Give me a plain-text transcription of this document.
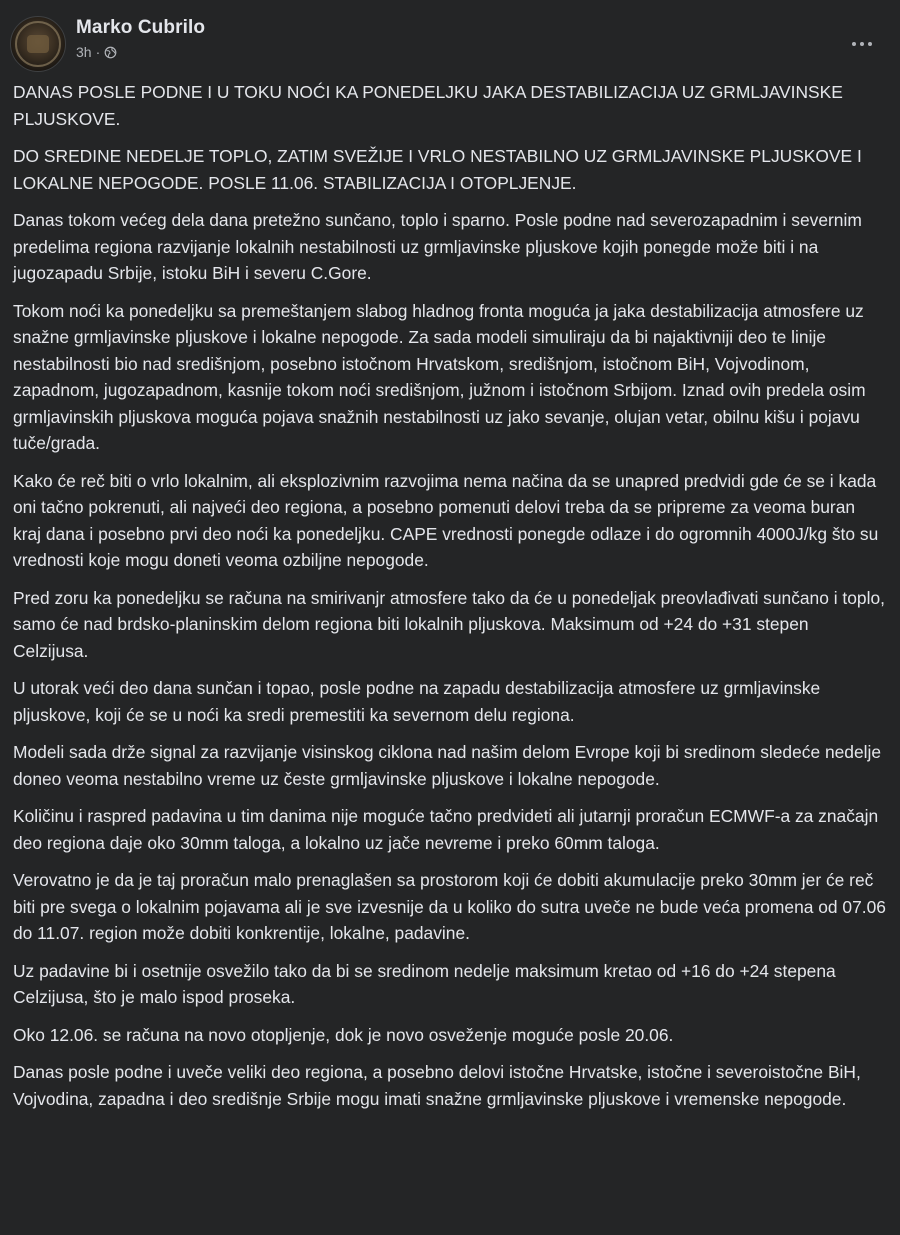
Marko Cubrilo
3h ·

DANAS POSLE PODNE I U TOKU NOĆI KA PONEDELJKU JAKA DESTABILIZACIJA UZ GRMLJAVINSKE PLJUSKOVE.

DO SREDINE NEDELJE TOPLO, ZATIM SVEŽIJE I VRLO NESTABILNO UZ GRMLJAVINSKE PLJUSKOVE I LOKALNE NEPOGODE. POSLE 11.06. STABILIZACIJA I OTOPLJENJE.

Danas tokom većeg dela dana pretežno sunčano, toplo i sparno. Posle podne nad severozapadnim i severnim predelima regiona razvijanje lokalnih nestabilnosti uz grmljavinske pljuskove kojih ponegde može biti i na jugozapadu Srbije, istoku BiH i severu C.Gore.

Tokom noći ka ponedeljku sa premeštanjem slabog hladnog fronta moguća ja jaka destabilizacija atmosfere uz snažne grmljavinske pljuskove i lokalne nepogode. Za sada modeli simuliraju da bi najaktivniji deo te linije nestabilnosti bio nad središnjom, posebno istočnom Hrvatskom, središnjom, istočnom BiH, Vojvodinom, zapadnom, jugozapadnom, kasnije tokom noći središnjom, južnom i istočnom Srbijom. Iznad ovih predela osim grmljavinskih pljuskova moguća pojava snažnih nestabilnosti uz jako sevanje, olujan vetar, obilnu kišu i pojavu tuče/grada.

Kako će reč biti o vrlo lokalnim, ali eksplozivnim razvojima nema načina da se unapred predvidi gde će se i kada oni tačno pokrenuti, ali najveći deo regiona, a posebno pomenuti delovi treba da se pripreme za veoma buran kraj dana i posebno prvi deo noći ka ponedeljku. CAPE vrednosti ponegde odlaze i do ogromnih 4000J/kg što su vrednosti koje mogu doneti veoma ozbiljne nepogode.

Pred zoru ka ponedeljku se računa na smirivanjr atmosfere tako da će u ponedeljak preovlađivati sunčano i toplo, samo će nad brdsko-planinskim delom regiona biti lokalnih pljuskova. Maksimum od +24 do +31 stepen Celzijusa.

U utorak veći deo dana sunčan i topao, posle podne na zapadu destabilizacija atmosfere uz grmljavinske pljuskove, koji će se u noći ka sredi premestiti ka severnom delu regiona.

Modeli sada drže signal za razvijanje visinskog ciklona nad našim delom Evrope koji bi sredinom sledeće nedelje doneo veoma nestabilno vreme uz česte grmljavinske pljuskove i lokalne nepogode.

Količinu i raspred padavina u tim danima nije moguće tačno predvideti ali jutarnji proračun ECMWF-a za značajn deo regiona daje oko 30mm taloga, a lokalno uz jače nevreme i preko 60mm taloga.

Verovatno je da je taj proračun malo prenaglašen sa prostorom koji će dobiti akumulacije preko 30mm jer će reč biti pre svega o lokalnim pojavama ali je sve izvesnije da u koliko do sutra uveče ne bude veća promena od 07.06 do 11.07. region može dobiti konkrentije, lokalne, padavine.

Uz padavine bi i osetnije osvežilo tako da bi se sredinom nedelje maksimum kretao od +16 do +24 stepena Celzijusa, što je malo ispod proseka.

Oko 12.06. se računa na novo otopljenje, dok je novo osveženje moguće posle 20.06.

Danas posle podne i uveče veliki deo regiona, a posebno delovi istočne Hrvatske, istočne i severoistočne BiH, Vojvodina, zapadna i deo središnje Srbije mogu imati snažne grmljavinske pljuskove i vremenske nepogode.
